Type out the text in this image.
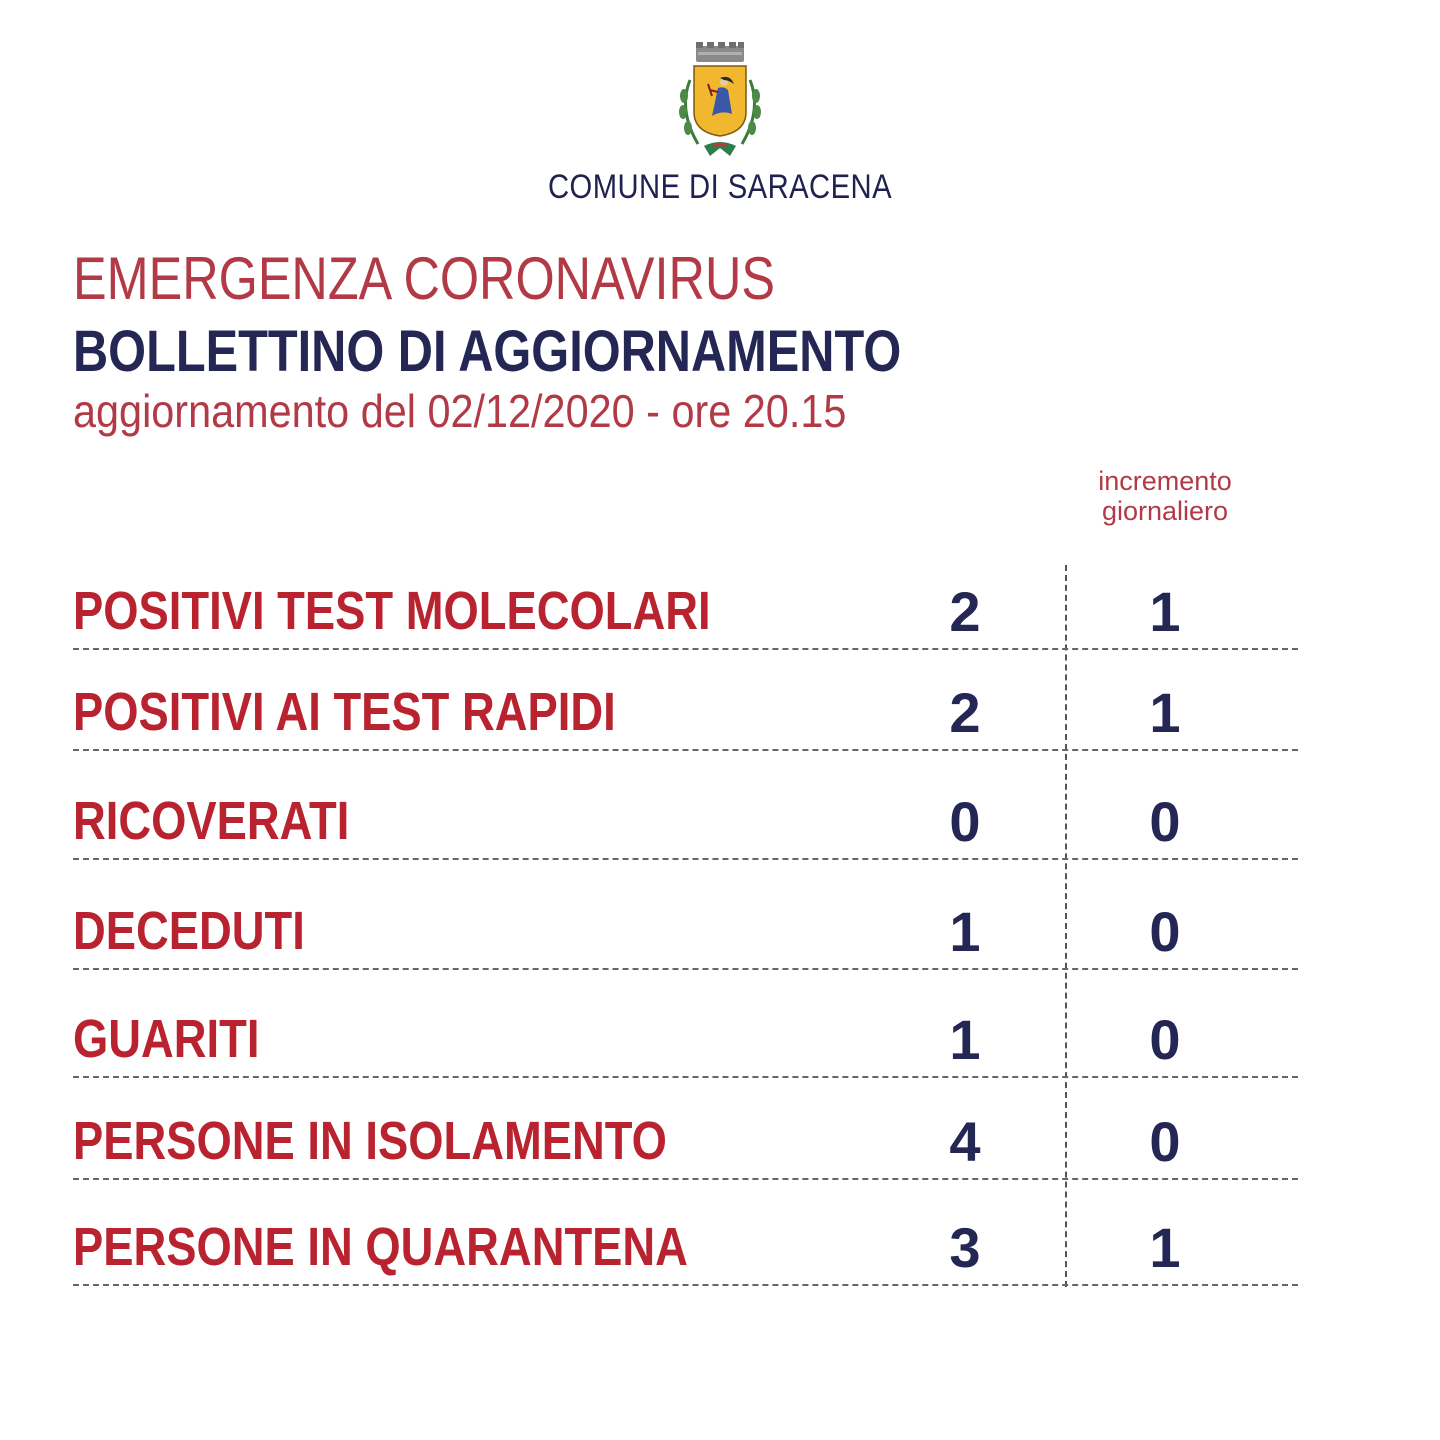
COMUNE DI SARACENA
EMERGENZA CORONAVIRUS
BOLLETTINO DI AGGIORNAMENTO
aggiornamento del 02/12/2020 - ore 20.15
incremento
giornaliero
POSITIVI TEST MOLECOLARI	2	1
POSITIVI AI TEST RAPIDI	2	1
RICOVERATI	0	0
DECEDUTI	1	0
GUARITI	1	0
PERSONE IN ISOLAMENTO	4	0
PERSONE IN QUARANTENA	3	1
